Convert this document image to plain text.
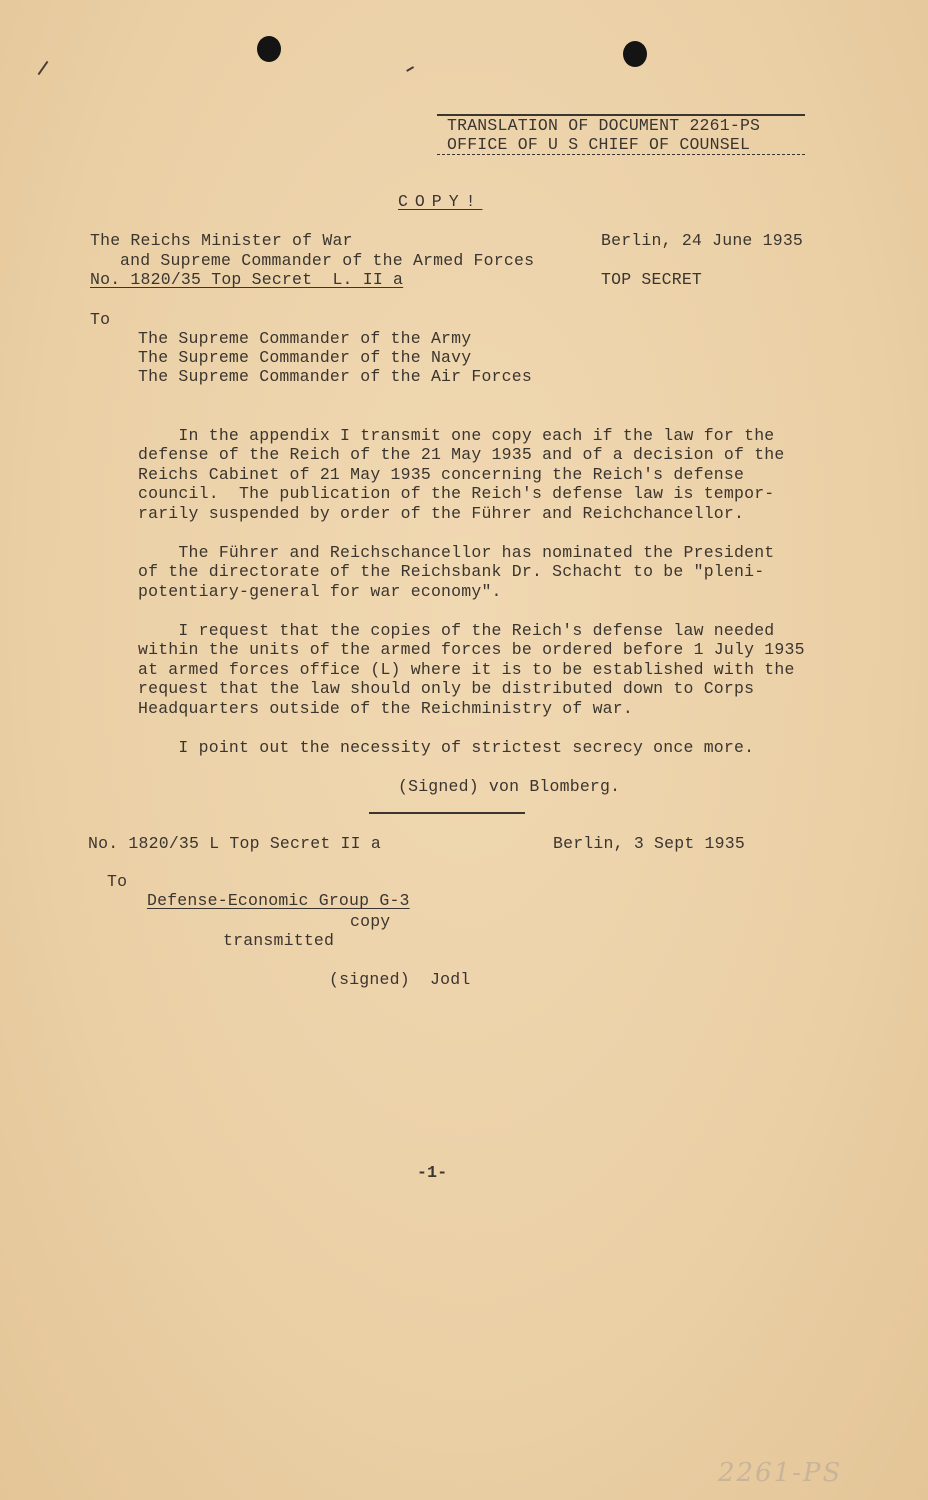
TRANSLATION OF DOCUMENT 2261-PS
OFFICE OF U S CHIEF OF COUNSEL
COPY!
The Reichs Minister of War
and Supreme Commander of the Armed Forces
No. 1820/35 Top Secret  L. II a
Berlin, 24 June 1935
TOP SECRET
To
The Supreme Commander of the Army
The Supreme Commander of the Navy
The Supreme Commander of the Air Forces
In the appendix I transmit one copy each if the law for the
defense of the Reich of the 21 May 1935 and of a decision of the
Reichs Cabinet of 21 May 1935 concerning the Reich's defense
council.  The publication of the Reich's defense law is tempor-
rarily suspended by order of the Führer and Reichchancellor.
The Führer and Reichschancellor has nominated the President
of the directorate of the Reichsbank Dr. Schacht to be "pleni-
potentiary-general for war economy".
I request that the copies of the Reich's defense law needed
within the units of the armed forces be ordered before 1 July 1935
at armed forces office (L) where it is to be established with the
request that the law should only be distributed down to Corps
Headquarters outside of the Reichministry of war.
I point out the necessity of strictest secrecy once more.
(Signed) von Blomberg.
No. 1820/35 L Top Secret II a	Berlin, 3 Sept 1935
To
Defense-Economic Group G-3
copy
transmitted
(signed)  Jodl
-1-
2261-PS
